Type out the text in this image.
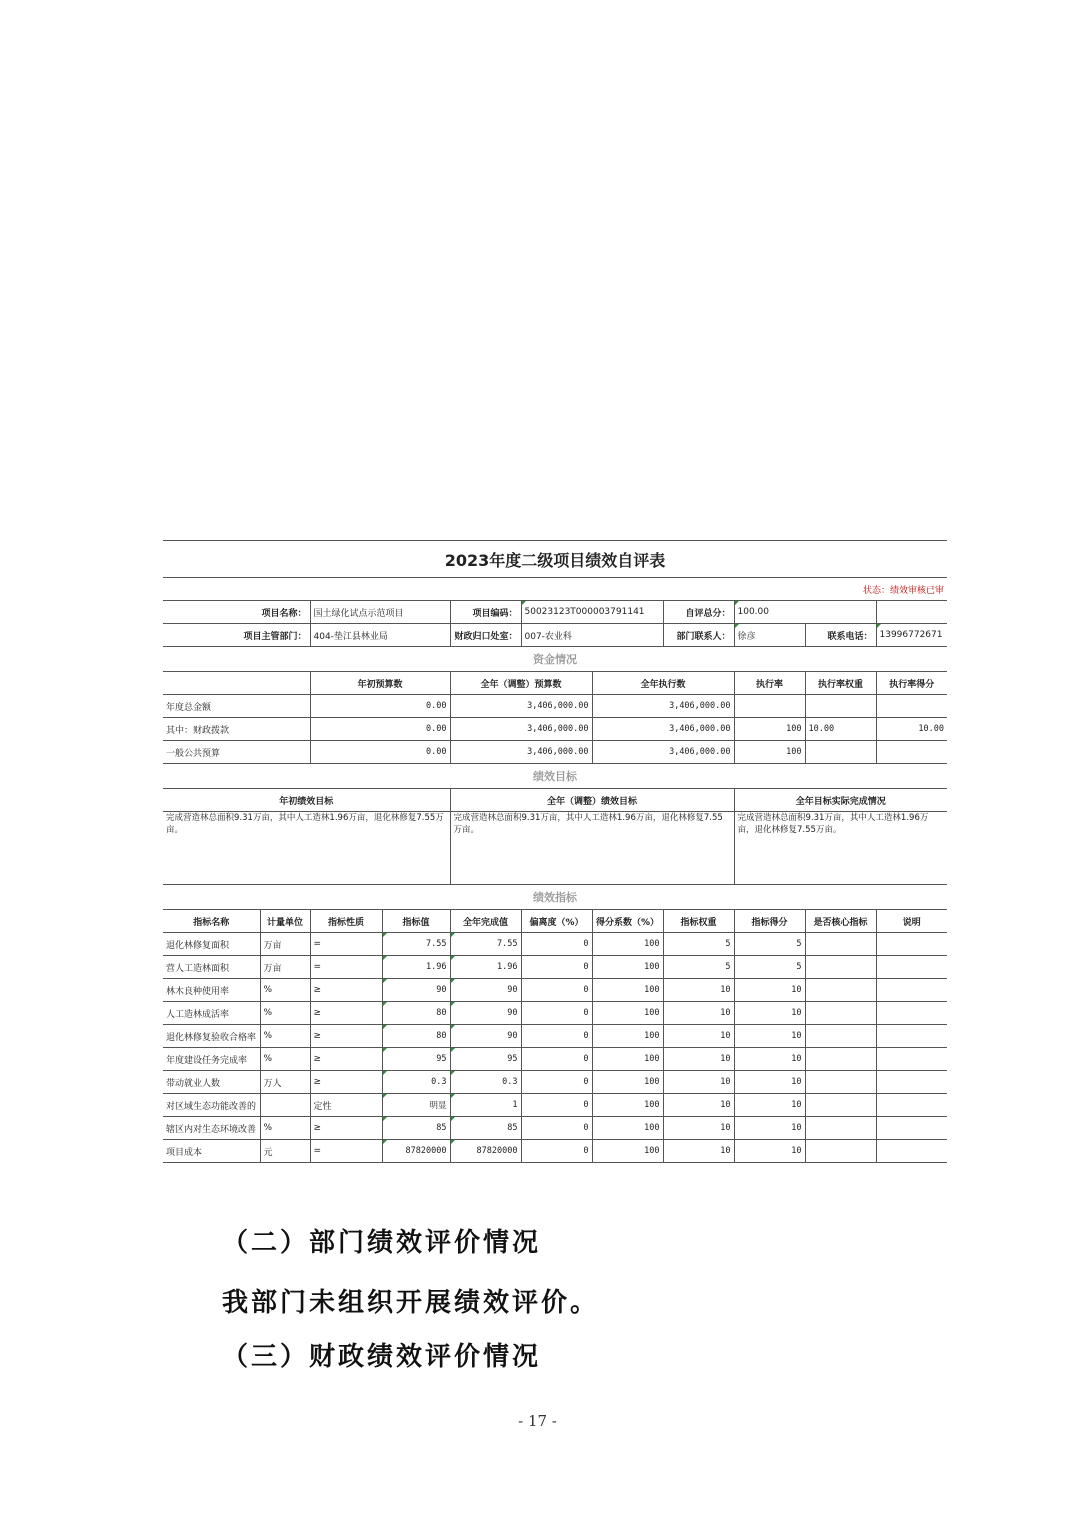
2023年度二级项目绩效自评表										
状态：绩效审核已审										
项目名称：		国土绿化试点示范项目		项目编码：	50023123T000003791141		自评总分：	100.00		
项目主管部门：		404-垫江县林业局		财政归口处室：	007-农业科		部门联系人：	徐彦	联系电话：	13996772671
资金情况										
		年初预算数		全年（调整）预算数		全年执行数		执行率	执行率权重	执行率得分
年度总金额		0.00		3,406,000.00		3,406,000.00				
其中：财政拨款		0.00		3,406,000.00		3,406,000.00		100	10.00	10.00
一般公共预算		0.00		3,406,000.00		3,406,000.00		100		
绩效目标										
年初绩效目标				全年（调整）绩效目标				全年目标实际完成情况		
完成营造林总面积9.31万亩，其中人工造林1.96万亩，退化林修复7.55万亩。				完成营造林总面积9.31万亩，其中人工造林1.96万亩，退化林修复7.55万亩。				完成营造林总面积9.31万亩，其中人工造林1.96万亩，退化林修复7.55万亩。		
绩效指标										
指标名称	计量单位	指标性质	指标值	全年完成值	偏离度（%）	得分系数（%）	指标权重	指标得分	是否核心指标	说明
退化林修复面积	万亩	=	7.55	7.55	0	100	5	5		
营人工造林面积	万亩	=	1.96	1.96	0	100	5	5		
林木良种使用率	%	≥	90	90	0	100	10	10		
人工造林成活率	%	≥	80	90	0	100	10	10		
退化林修复验收合格率	%	≥	80	90	0	100	10	10		
年度建设任务完成率	%	≥	95	95	0	100	10	10		
带动就业人数	万人	≥	0.3	0.3	0	100	10	10		
对区域生态功能改善的		定性	明显	1	0	100	10	10		
辖区内对生态环境改善	%	≥	85	85	0	100	10	10		
项目成本	元	=	87820000	87820000	0	100	10	10		
（二）部门绩效评价情况
我部门未组织开展绩效评价。
（三）财政绩效评价情况
- 17 -
